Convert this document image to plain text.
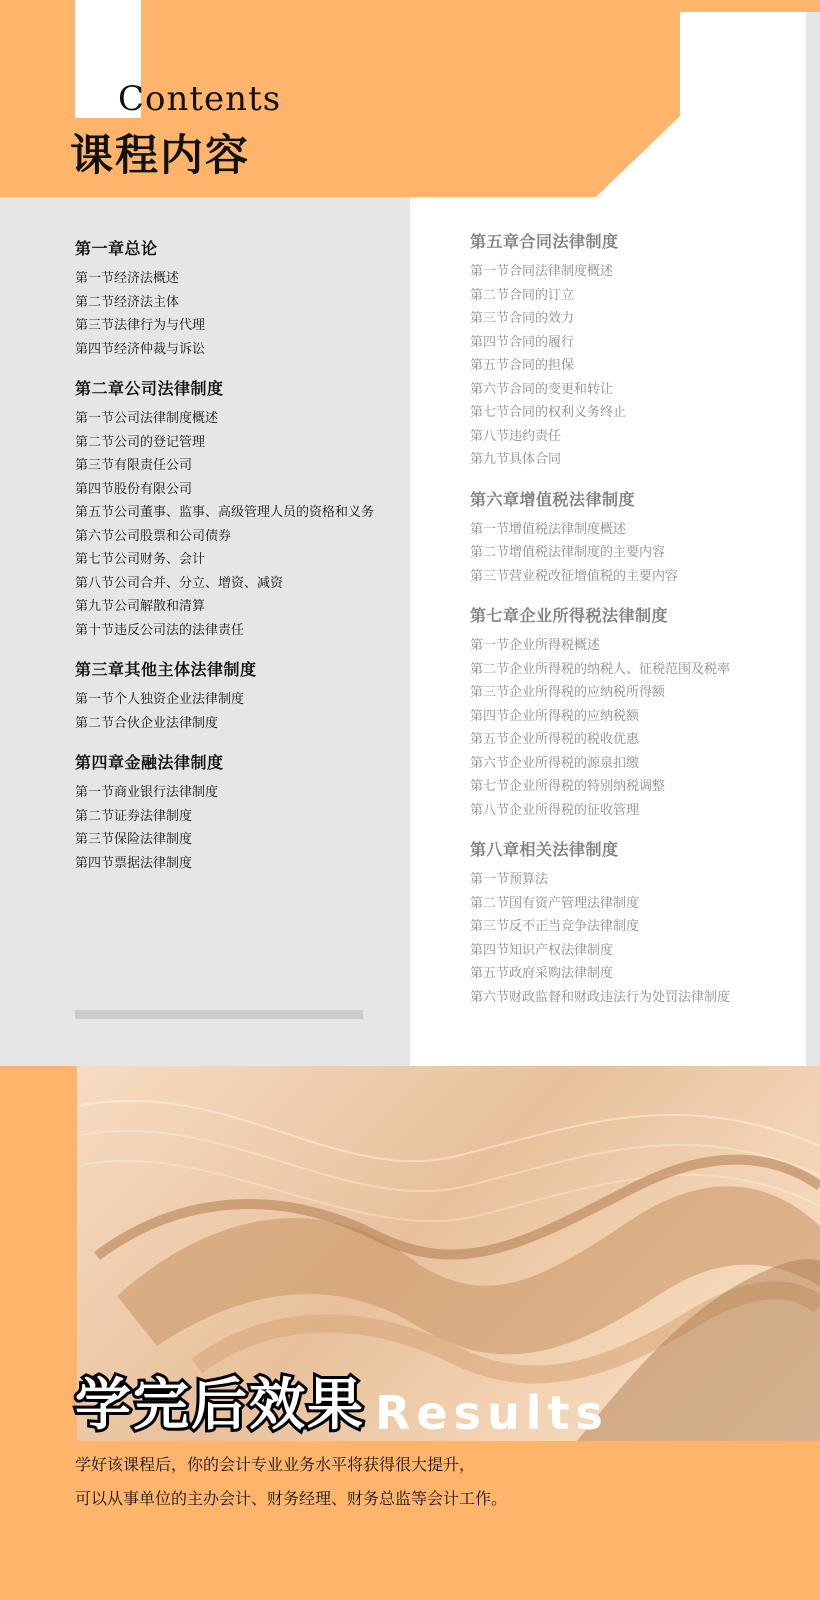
Contents
课程内容
第一章总论
第一节经济法概述
第二节经济法主体
第三节法律行为与代理
第四节经济仲裁与诉讼
第二章公司法律制度
第一节公司法律制度概述
第二节公司的登记管理
第三节有限责任公司
第四节股份有限公司
第五节公司董事、监事、高级管理人员的资格和义务
第六节公司股票和公司债券
第七节公司财务、会计
第八节公司合并、分立、增资、减资
第九节公司解散和清算
第十节违反公司法的法律责任
第三章其他主体法律制度
第一节个人独资企业法律制度
第二节合伙企业法律制度
第四章金融法律制度
第一节商业银行法律制度
第二节证券法律制度
第三节保险法律制度
第四节票据法律制度
第五章合同法律制度
第一节合同法律制度概述
第二节合同的订立
第三节合同的效力
第四节合同的履行
第五节合同的担保
第六节合同的变更和转让
第七节合同的权利义务终止
第八节违约责任
第九节具体合同
第六章增值税法律制度
第一节增值税法律制度概述
第二节增值税法律制度的主要内容
第三节营业税改征增值税的主要内容
第七章企业所得税法律制度
第一节企业所得税概述
第二节企业所得税的纳税人、征税范围及税率
第三节企业所得税的应纳税所得额
第四节企业所得税的应纳税额
第五节企业所得税的税收优惠
第六节企业所得税的源泉扣缴
第七节企业所得税的特别纳税调整
第八节企业所得税的征收管理
第八章相关法律制度
第一节预算法
第二节国有资产管理法律制度
第三节反不正当竞争法律制度
第四节知识产权法律制度
第五节政府采购法律制度
第六节财政监督和财政违法行为处罚法律制度
学完后效果 Results
学好该课程后，你的会计专业业务水平将获得很大提升，
可以从事单位的主办会计、财务经理、财务总监等会计工作。
